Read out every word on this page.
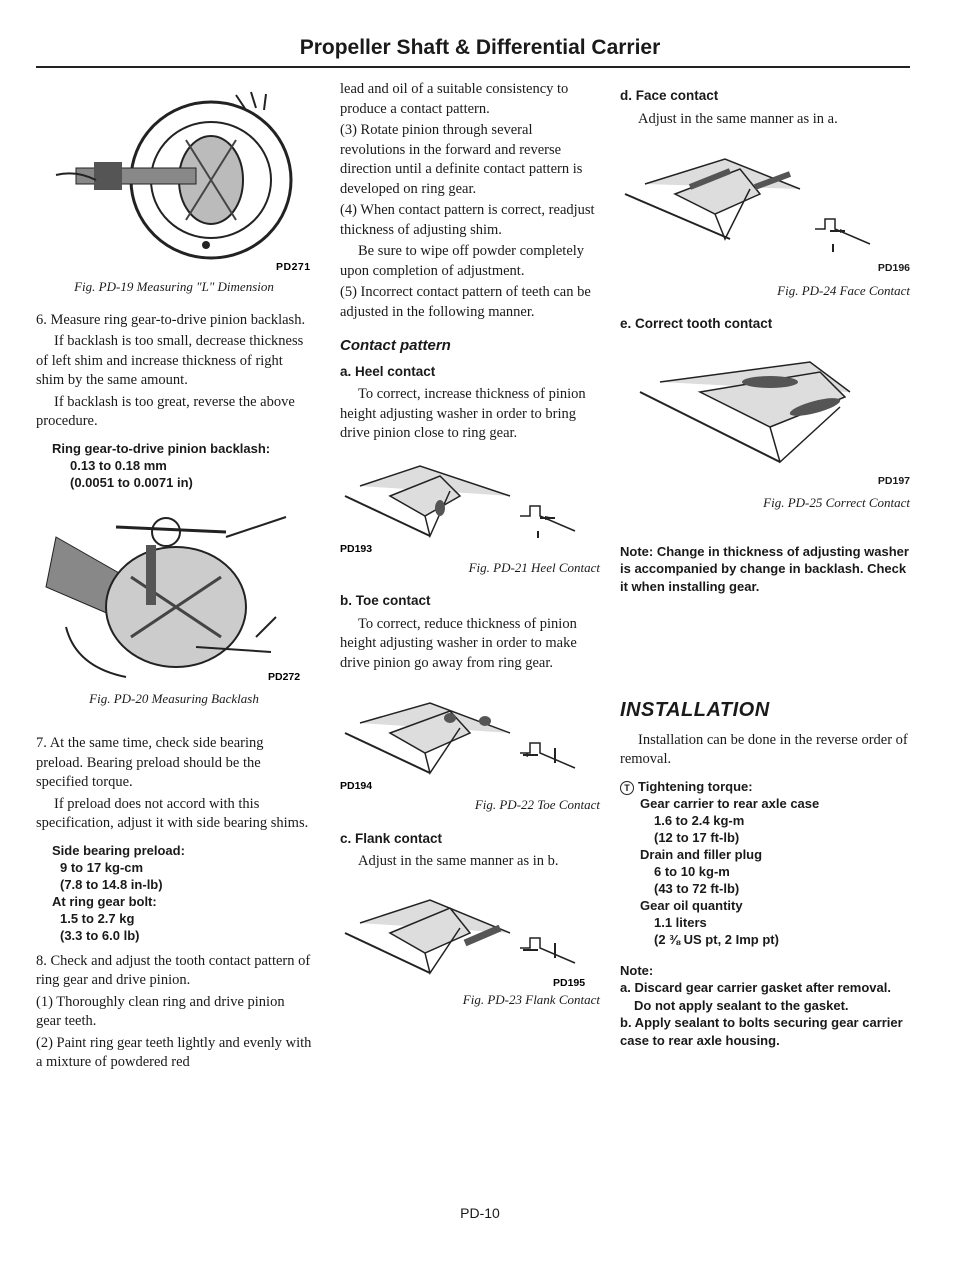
Propeller Shaft & Differential Carrier
PD271
Fig. PD-19 Measuring "L" Dimension

6. Measure ring gear-to-drive pinion backlash.

If backlash is too small, decrease thickness of left shim and increase thickness of right shim by the same amount.

If backlash is too great, reverse the above procedure.

Ring gear-to-drive pinion backlash:
0.13 to 0.18 mm
(0.0051 to 0.0071 in)
PD272
Fig. PD-20 Measuring Backlash

7. At the same time, check side bearing preload. Bearing preload should be the specified torque.

If preload does not accord with this specification, adjust it with side bearing shims.

Side bearing preload:
9 to 17 kg-cm
(7.8 to 14.8 in-lb)
At ring gear bolt:
1.5 to 2.7 kg
(3.3 to 6.0 lb)

8. Check and adjust the tooth contact pattern of ring gear and drive pinion.

(1) Thoroughly clean ring and drive pinion gear teeth.

(2) Paint ring gear teeth lightly and evenly with a mixture of powdered red

lead and oil of a suitable consistency to produce a contact pattern.

(3) Rotate pinion through several revolutions in the forward and reverse direction until a definite contact pattern is developed on ring gear.

(4) When contact pattern is correct, readjust thickness of adjusting shim.

Be sure to wipe off powder completely upon completion of adjustment.

(5) Incorrect contact pattern of teeth can be adjusted in the following manner.

Contact pattern
a. Heel contact

To correct, increase thickness of pinion height adjusting washer in order to bring drive pinion close to ring gear.

PD193
Fig. PD-21 Heel Contact
b. Toe contact

To correct, reduce thickness of pinion height adjusting washer in order to make drive pinion go away from ring gear.

PD194
Fig. PD-22 Toe Contact
c. Flank contact

Adjust in the same manner as in b.

PD195
Fig. PD-23 Flank Contact
d. Face contact

Adjust in the same manner as in a.

PD196
Fig. PD-24 Face Contact
e. Correct tooth contact
PD197
Fig. PD-25 Correct Contact
Note: Change in thickness of adjusting washer is accompanied by change in backlash. Check it when installing gear.
INSTALLATION

Installation can be done in the reverse order of removal.

T Tightening torque:
Gear carrier to rear axle case
1.6 to 2.4 kg-m
(12 to 17 ft-lb)
Drain and filler plug
6 to 10 kg-m
(43 to 72 ft-lb)
Gear oil quantity
1.1 liters
(2 ⅜ US pt, 2 Imp pt)
Note:
a. Discard gear carrier gasket after removal.
Do not apply sealant to the gasket.
b. Apply sealant to bolts securing gear carrier case to rear axle housing.
PD-10
